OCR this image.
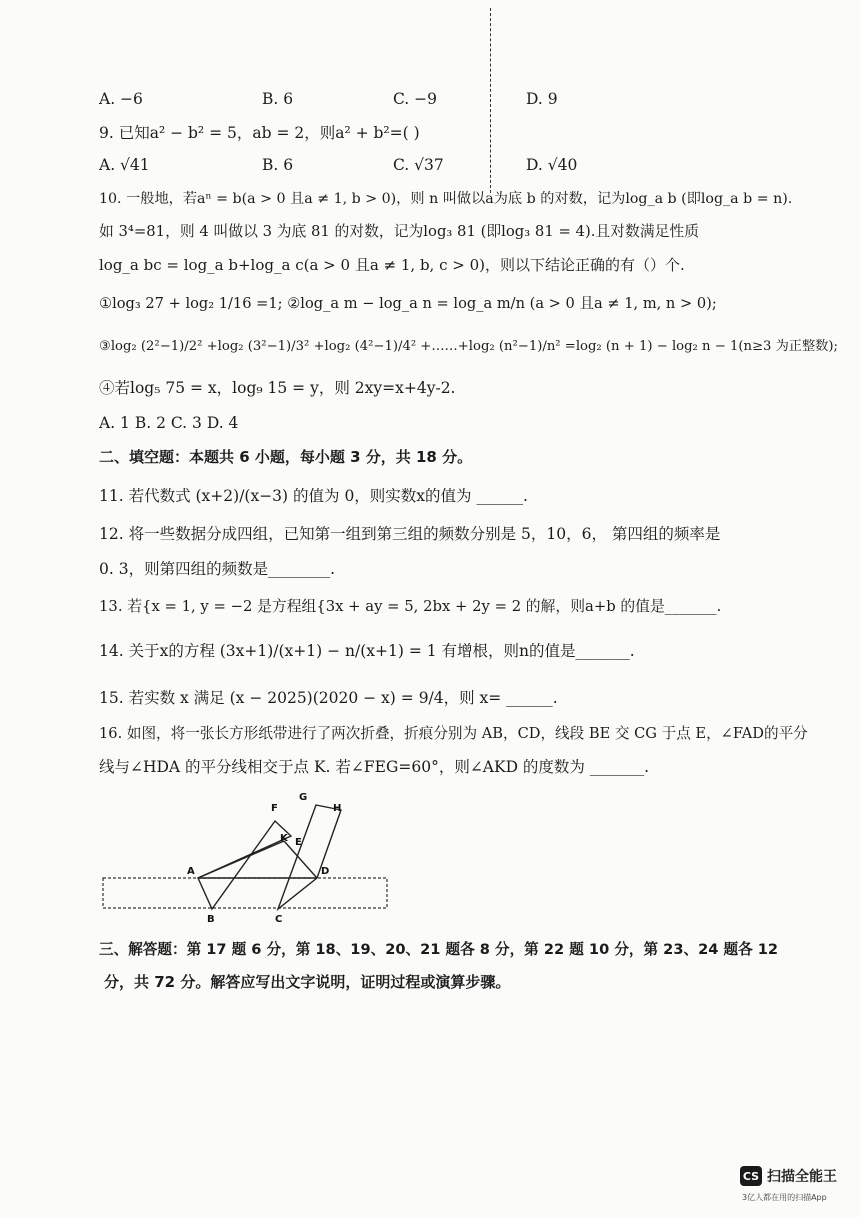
A. −6	B. 6	C. −9	D. 9
9. 已知a² − b² = 5，ab = 2，则a² + b²=( )
A. √41	B. 6	C. √37	D. √40
10. 一般地，若aⁿ = b(a > 0 且a ≠ 1, b > 0)，则 n 叫做以a为底 b 的对数，记为log_a b (即log_a b = n).
如 3⁴=81，则 4 叫做以 3 为底 81 的对数，记为log₃ 81 (即log₃ 81 = 4).且对数满足性质
log_a bc = log_a b+log_a c(a > 0 且a ≠ 1, b, c > 0)，则以下结论正确的有（）个.
①log₃ 27 + log₂ 1/16 =1; ②log_a m − log_a n = log_a m/n (a > 0 且a ≠ 1, m, n > 0);
③log₂ (2²−1)/2² +log₂ (3²−1)/3² +log₂ (4²−1)/4² +……+log₂ (n²−1)/n² =log₂ (n + 1) − log₂ n − 1(n≥3 为正整数);
④若log₅ 75 = x，log₉ 15 = y，则 2xy=x+4y-2.
A. 1 B. 2 C. 3 D. 4
二、填空题：本题共 6 小题，每小题 3 分，共 18 分。
11. 若代数式 (x+2)/(x−3) 的值为 0，则实数x的值为 ______.
12. 将一些数据分成四组，已知第一组到第三组的频数分别是 5，10，6， 第四组的频率是
0. 3，则第四组的频数是________.
13. 若{x = 1, y = −2 是方程组{3x + ay = 5, 2bx + 2y = 2 的解，则a+b 的值是_______.
14. 关于x的方程 (3x+1)/(x+1) − n/(x+1) = 1 有增根，则n的值是_______.
15. 若实数 x 满足 (x − 2025)(2020 − x) = 9/4，则 x= ______.
16. 如图，将一张长方形纸带进行了两次折叠，折痕分别为 AB，CD，线段 BE 交 CG 于点 E，∠FAD的平分
线与∠HDA 的平分线相交于点 K. 若∠FEG=60°，则∠AKD 的度数为 _______.
F
G
H
K E
A	D
B	C
三、解答题：第 17 题 6 分，第 18、19、20、21 题各 8 分，第 22 题 10 分，第 23、24 题各 12
分，共 72 分。解答应写出文字说明，证明过程或演算步骤。
CS 扫描全能王
3亿人都在用的扫描App
